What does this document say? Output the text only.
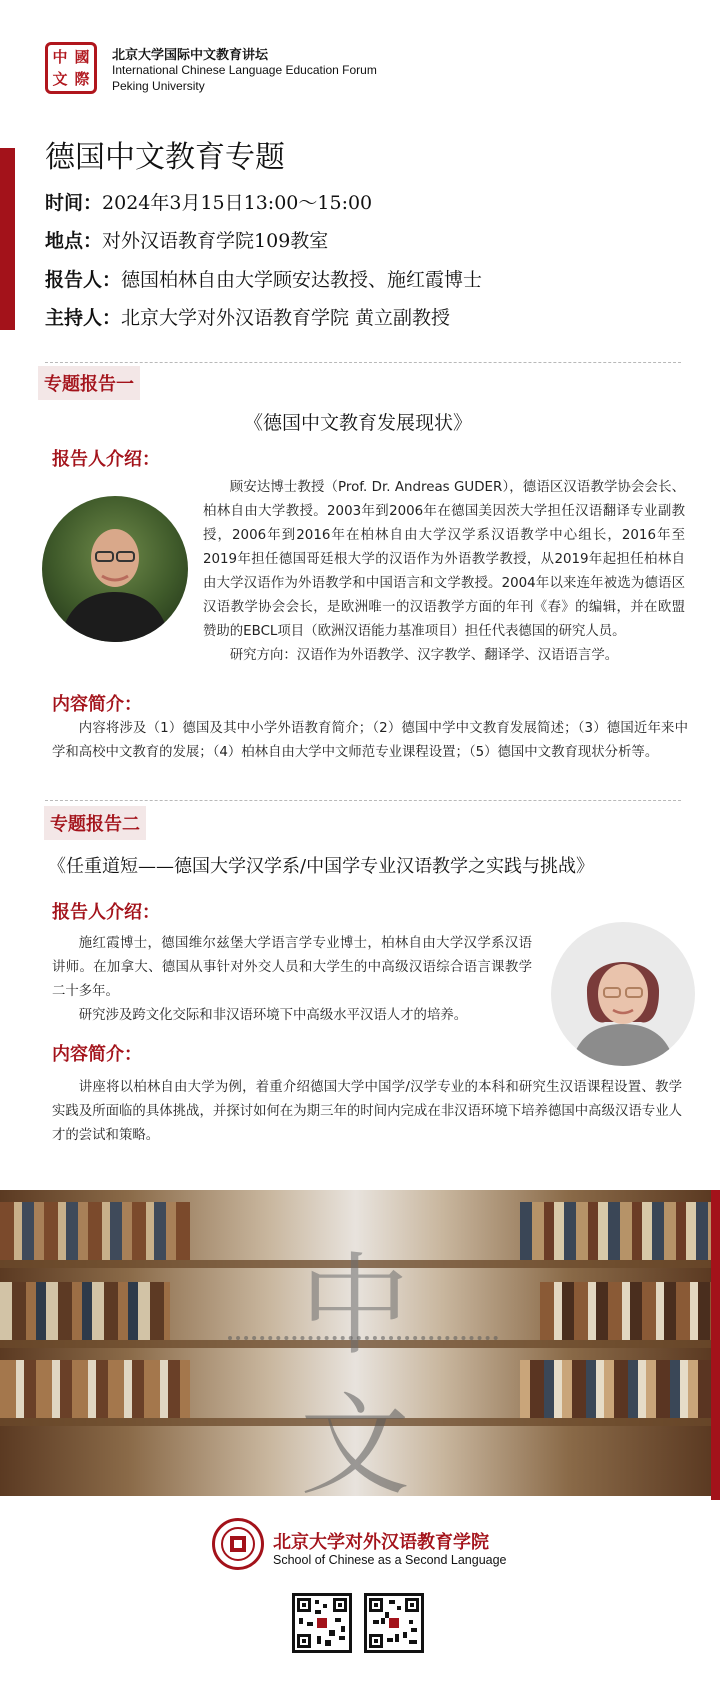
中 國
文 際
北京大学国际中文教育讲坛
International Chinese Language Education Forum
Peking University
德国中文教育专题
时间：2024年3月15日13:00～15:00
地点：对外汉语教育学院109教室
报告人：德国柏林自由大学顾安达教授、施红霞博士
主持人：北京大学对外汉语教育学院 黄立副教授
专题报告一
《德国中文教育发展现状》
报告人介绍：

顾安达博士教授（Prof. Dr. Andreas GUDER），德语区汉语教学协会会长、柏林自由大学教授。2003年到2006年在德国美因茨大学担任汉语翻译专业副教授，2006年到2016年在柏林自由大学汉学系汉语教学中心组长，2016年至2019年担任德国哥廷根大学的汉语作为外语教学教授，从2019年起担任柏林自由大学汉语作为外语教学和中国语言和文学教授。2004年以来连年被选为德语区汉语教学协会会长，是欧洲唯一的汉语教学方面的年刊《春》的编辑，并在欧盟赞助的EBCL项目（欧洲汉语能力基准项目）担任代表德国的研究人员。

研究方向：汉语作为外语教学、汉字教学、翻译学、汉语语言学。

内容简介：

内容将涉及（1）德国及其中小学外语教育简介；（2）德国中学中文教育发展简述；（3）德国近年来中学和高校中文教育的发展；（4）柏林自由大学中文师范专业课程设置；（5）德国中文教育现状分析等。

专题报告二
《任重道短——德国大学汉学系/中国学专业汉语教学之实践与挑战》
报告人介绍：

施红霞博士，德国维尔兹堡大学语言学专业博士，柏林自由大学汉学系汉语讲师。在加拿大、德国从事针对外交人员和大学生的中高级汉语综合语言课教学二十多年。

研究涉及跨文化交际和非汉语环境下中高级水平汉语人才的培养。

内容简介：

讲座将以柏林自由大学为例，着重介绍德国大学中国学/汉学专业的本科和研究生汉语课程设置、教学实践及所面临的具体挑战，并探讨如何在为期三年的时间内完成在非汉语环境下培养德国中高级汉语专业人才的尝试和策略。

中
文
北京大学对外汉语教育学院
School of Chinese as a Second Language
